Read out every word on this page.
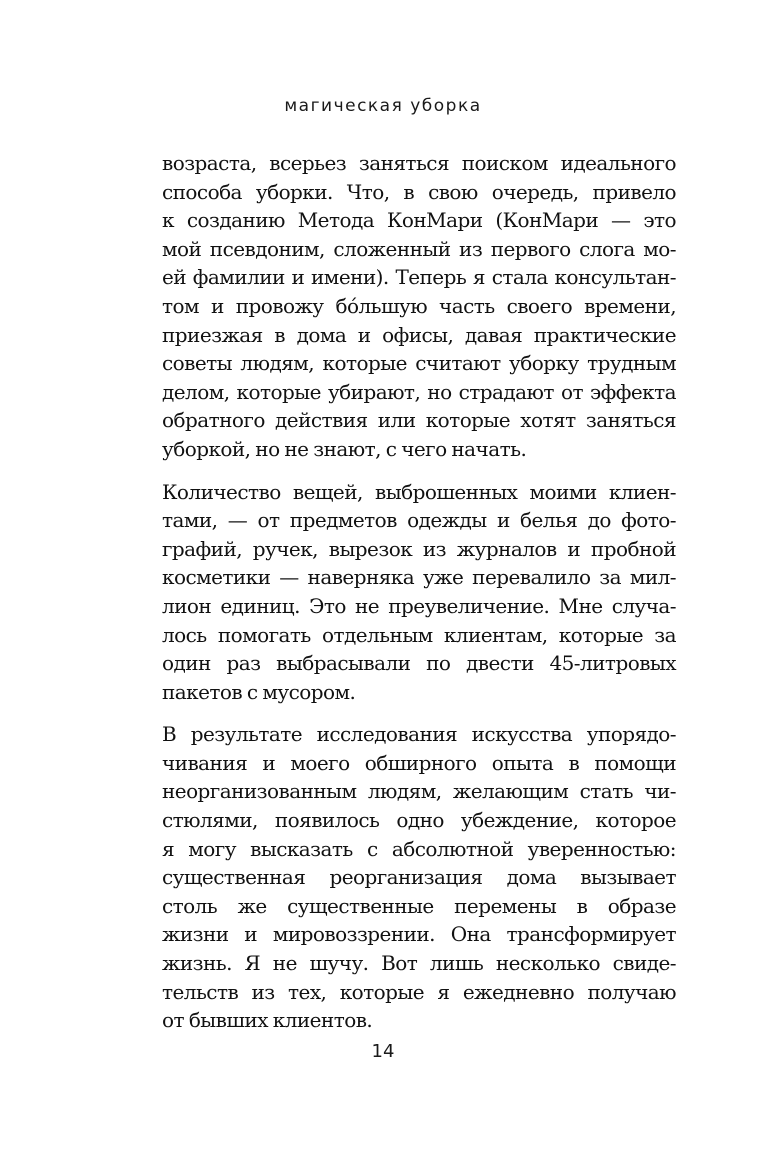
магическая уборка

возраста, всерьез заняться поиском идеального
способа уборки. Что, в свою очередь, привело
к созданию Метода КонМари (КонМари — это
мой псевдоним, сложенный из первого слога мо-
ей фамилии и имени). Теперь я стала консультан-
том и провожу бо́льшую часть своего времени,
приезжая в дома и офисы, давая практические
советы людям, которые считают уборку трудным
делом, которые убирают, но страдают от эффекта
обратного действия или которые хотят заняться
уборкой, но не знают, с чего начать.

Количество вещей, выброшенных моими клиен-
тами, — от предметов одежды и белья до фото-
графий, ручек, вырезок из журналов и пробной
косметики — наверняка уже перевалило за мил-
лион единиц. Это не преувеличение. Мне случа-
лось помогать отдельным клиентам, которые за
один раз выбрасывали по двести 45-литровых
пакетов с мусором.

В результате исследования искусства упорядо-
чивания и моего обширного опыта в помощи
неорганизованным людям, желающим стать чи-
стюлями, появилось одно убеждение, которое
я могу высказать с абсолютной уверенностью:
существенная реорганизация дома вызывает
столь же существенные перемены в образе
жизни и мировоззрении. Она трансформирует
жизнь. Я не шучу. Вот лишь несколько свиде-
тельств из тех, которые я ежедневно получаю
от бывших клиентов.

14
